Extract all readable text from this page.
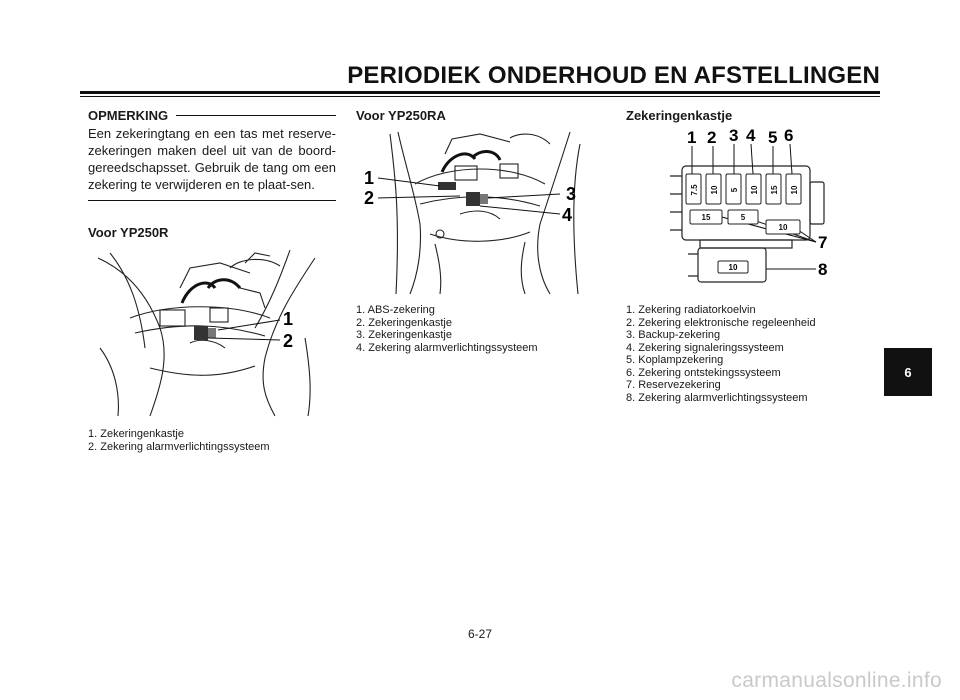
PERIODIEK ONDERHOUD EN AFSTELLINGEN
OPMERKING
Een zekeringtang en een tas met reserve-zekeringen maken deel uit van de boord-gereedschapsset. Gebruik de tang om een zekering te verwijderen en te plaat-sen.
Voor YP250R
1
2
1. Zekeringenkastje
2. Zekering alarmverlichtingssysteem
Voor YP250RA
1
2	3
4
1. ABS-zekering
2. Zekeringenkastje
3. Zekeringenkastje
4. Zekering alarmverlichtingssysteem
Zekeringenkastje
1 2 3 4 5 6
7.5 10 5 10 15 10
15	5
10
10
7
8
1. Zekering radiatorkoelvin
2. Zekering elektronische regeleenheid
3. Backup-zekering
4. Zekering signaleringssysteem
5. Koplampzekering
6. Zekering ontstekingssysteem
7. Reservezekering
8. Zekering alarmverlichtingssysteem
6
6-27
carmanualsonline.info
